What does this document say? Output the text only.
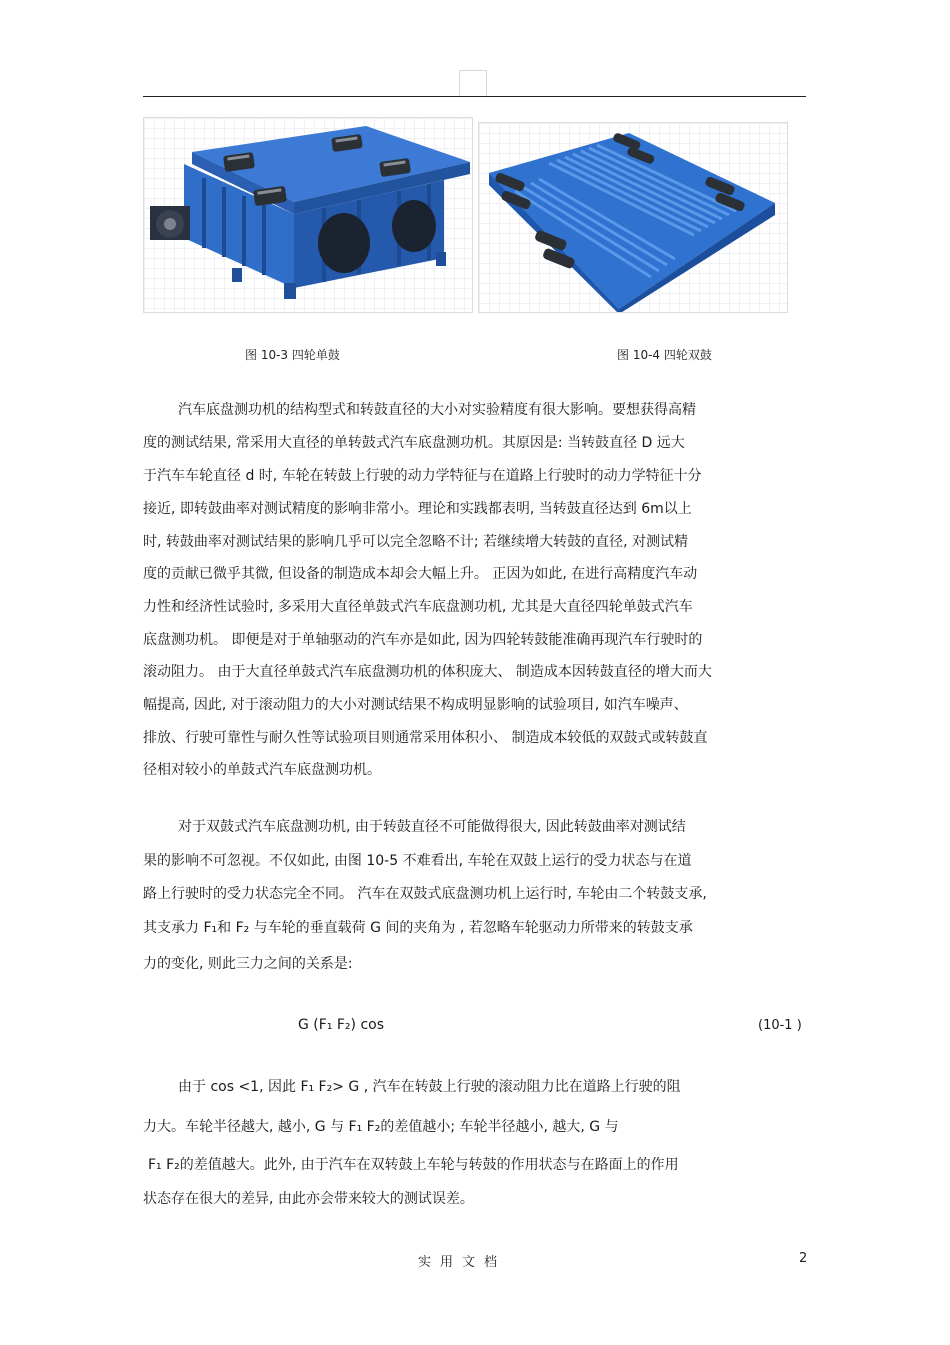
图 10-3 四轮单鼓	图 10-4 四轮双鼓
汽车底盘测功机的结构型式和转鼓直径的大小对实验精度有很大影响。要想获得高精
度的测试结果, 常采用大直径的单转鼓式汽车底盘测功机。其原因是: 当转鼓直径 D 远大
于汽车车轮直径 d 时, 车轮在转鼓上行驶的动力学特征与在道路上行驶时的动力学特征十分
接近, 即转鼓曲率对测试精度的影响非常小。理论和实践都表明, 当转鼓直径达到 6m以上
时, 转鼓曲率对测试结果的影响几乎可以完全忽略不计; 若继续增大转鼓的直径, 对测试精
度的贡献已微乎其微, 但设备的制造成本却会大幅上升。 正因为如此, 在进行高精度汽车动
力性和经济性试验时, 多采用大直径单鼓式汽车底盘测功机, 尤其是大直径四轮单鼓式汽车
底盘测功机。 即便是对于单轴驱动的汽车亦是如此, 因为四轮转鼓能准确再现汽车行驶时的
滚动阻力。 由于大直径单鼓式汽车底盘测功机的体积庞大、 制造成本因转鼓直径的增大而大
幅提高, 因此, 对于滚动阻力的大小对测试结果不构成明显影响的试验项目, 如汽车噪声、
排放、行驶可靠性与耐久性等试验项目则通常采用体积小、 制造成本较低的双鼓式或转鼓直
径相对较小的单鼓式汽车底盘测功机。
对于双鼓式汽车底盘测功机, 由于转鼓直径不可能做得很大, 因此转鼓曲率对测试结
果的影响不可忽视。不仅如此, 由图 10-5 不难看出, 车轮在双鼓上运行的受力状态与在道
路上行驶时的受力状态完全不同。 汽车在双鼓式底盘测功机上运行时, 车轮由二个转鼓支承,
其支承力 F₁和 F₂ 与车轮的垂直载荷 G 间的夹角为 , 若忽略车轮驱动力所带来的转鼓支承
力的变化, 则此三力之间的关系是:
G (F₁ F₂) cos	(10-1 )
由于 cos <1, 因此 F₁ F₂> G , 汽车在转鼓上行驶的滚动阻力比在道路上行驶的阻
力大。车轮半径越大, 越小, G 与 F₁ F₂的差值越小; 车轮半径越小, 越大, G 与
F₁ F₂的差值越大。此外, 由于汽车在双转鼓上车轮与转鼓的作用状态与在路面上的作用
状态存在很大的差异, 由此亦会带来较大的测试误差。
实用文档	2
